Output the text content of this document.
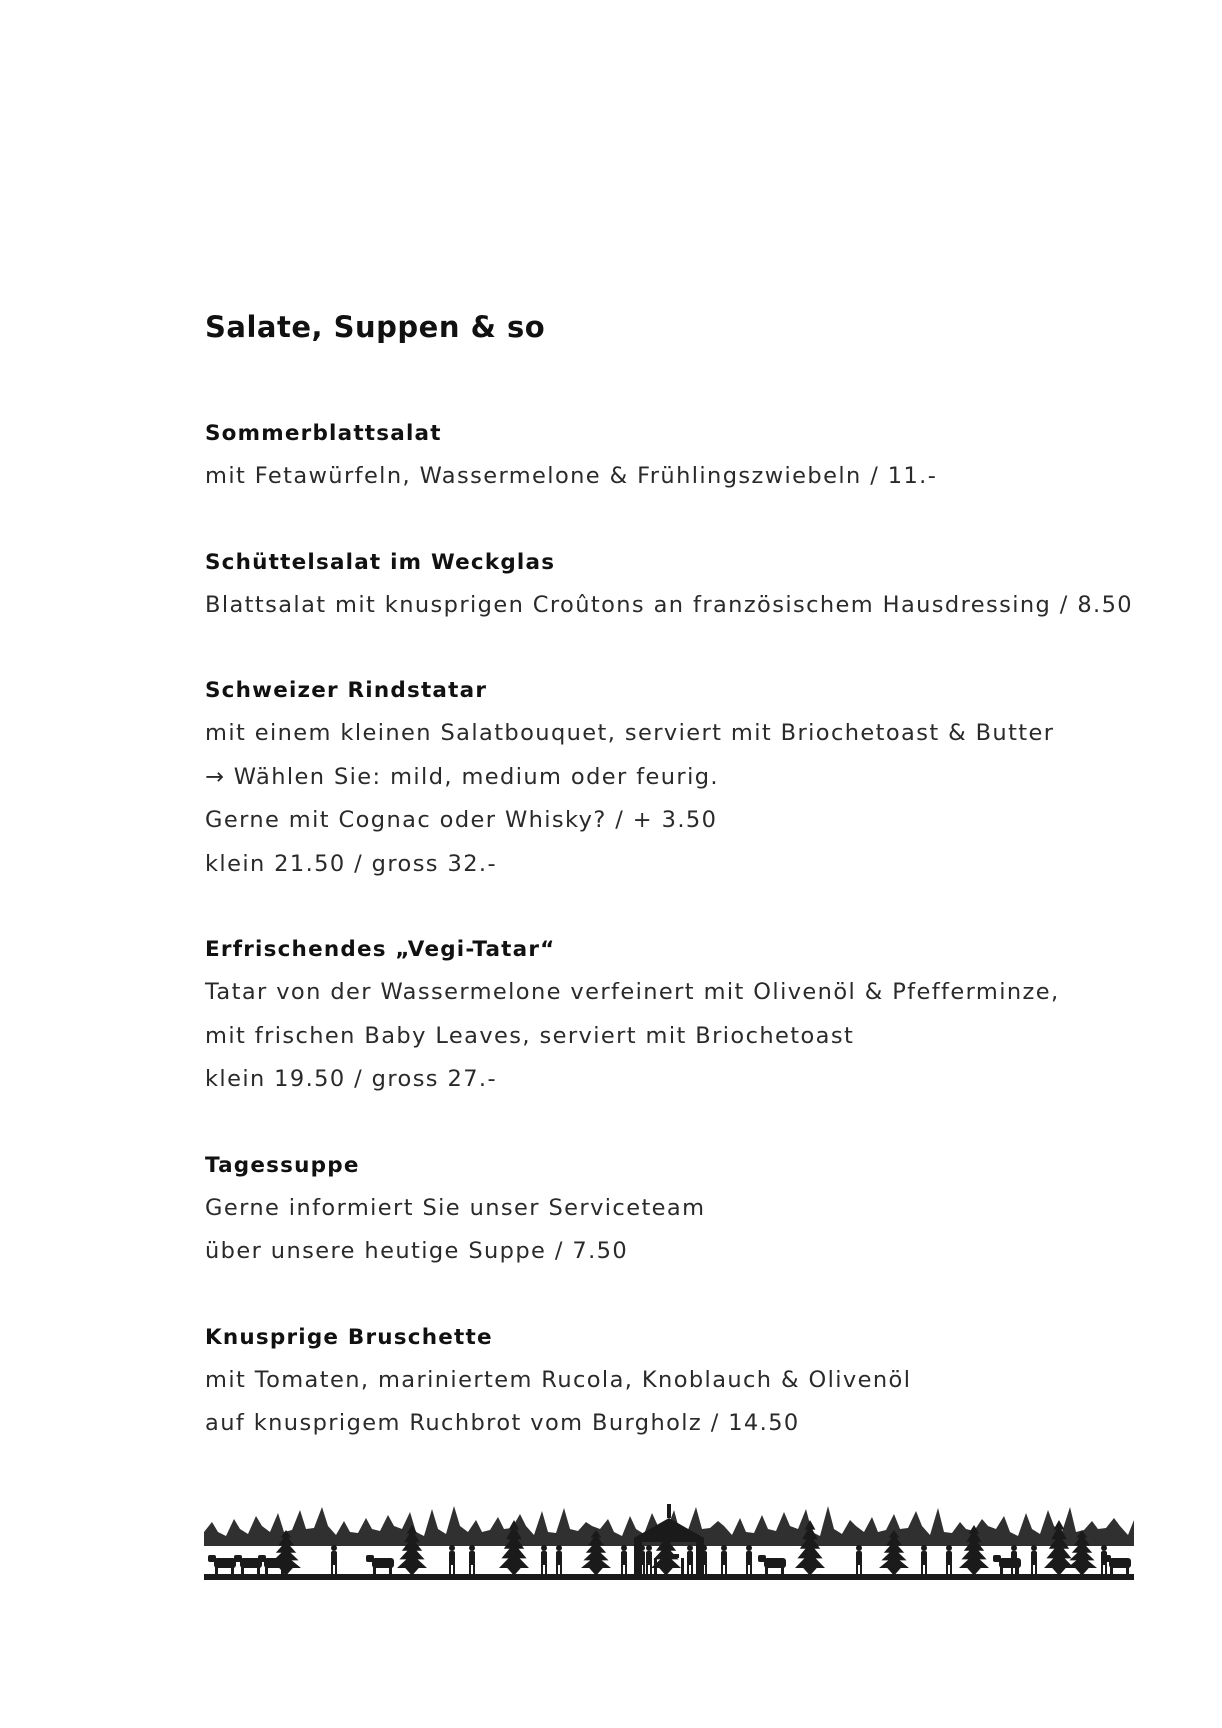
Salate, Suppen & so
Sommerblattsalat
mit Fetawürfeln, Wassermelone & Frühlingszwiebeln / 11.-
Schüttelsalat im Weckglas
Blattsalat mit knusprigen Croûtons an französischem Hausdressing / 8.50
Schweizer Rindstatar
mit einem kleinen Salatbouquet, serviert mit Briochetoast & Butter
→ Wählen Sie: mild, medium oder feurig.
Gerne mit Cognac oder Whisky? / + 3.50
klein 21.50 / gross 32.-
Erfrischendes „Vegi-Tatar“
Tatar von der Wassermelone verfeinert mit Olivenöl & Pfefferminze,
mit frischen Baby Leaves, serviert mit Briochetoast
klein 19.50 / gross 27.-
Tagessuppe
Gerne informiert Sie unser Serviceteam
über unsere heutige Suppe / 7.50
Knusprige Bruschette
mit Tomaten, mariniertem Rucola, Knoblauch & Olivenöl
auf knusprigem Ruchbrot vom Burgholz / 14.50
